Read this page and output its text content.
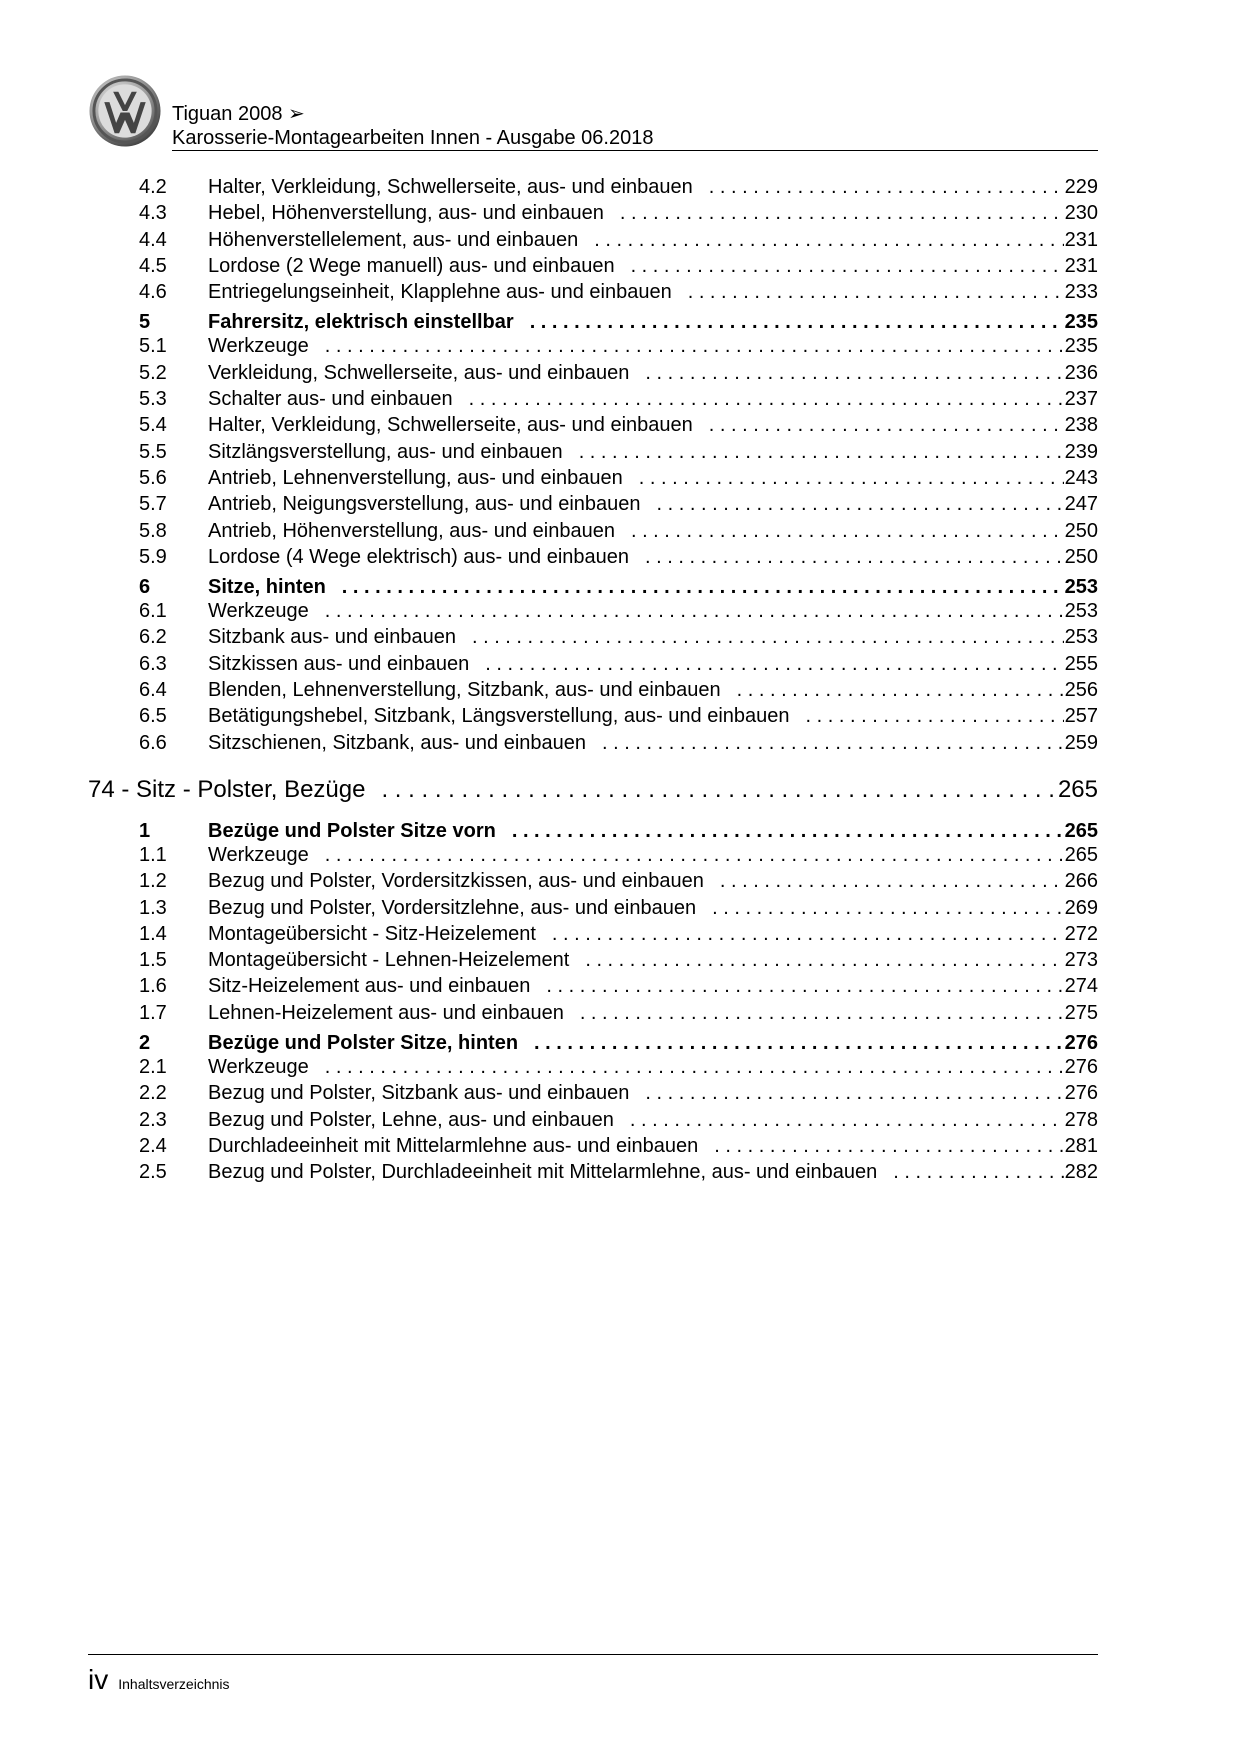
Tiguan 2008 ➢
Karosserie-Montagearbeiten Innen - Ausgabe 06.2018
4.2 Halter, Verkleidung, Schwellerseite, aus- und einbauen . . .	229
4.3 Hebel, Höhenverstellung, aus- und einbauen . . .	230
4.4 Höhenverstellelement, aus- und einbauen . . .	231
4.5 Lordose (2 Wege manuell) aus- und einbauen . . .	231
4.6 Entriegelungseinheit, Klapplehne aus- und einbauen . . .	233
5	Fahrersitz, elektrisch einstellbar . . .	235
5.1 Werkzeuge . . .	235
5.2 Verkleidung, Schwellerseite, aus- und einbauen . . .	236
5.3 Schalter aus- und einbauen . . .	237
5.4 Halter, Verkleidung, Schwellerseite, aus- und einbauen . . .	238
5.5 Sitzlängsverstellung, aus- und einbauen . . .	239
5.6 Antrieb, Lehnenverstellung, aus- und einbauen . . .	243
5.7 Antrieb, Neigungsverstellung, aus- und einbauen . . .	247
5.8 Antrieb, Höhenverstellung, aus- und einbauen . . .	250
5.9 Lordose (4 Wege elektrisch) aus- und einbauen . . .	250
6	Sitze, hinten . . .	253
6.1 Werkzeuge . . .	253
6.2 Sitzbank aus- und einbauen . . .	253
6.3 Sitzkissen aus- und einbauen . . .	255
6.4 Blenden, Lehnenverstellung, Sitzbank, aus- und einbauen . . .	256
6.5 Betätigungshebel, Sitzbank, Längsverstellung, aus- und einbauen . . .	257
6.6 Sitzschienen, Sitzbank, aus- und einbauen . . .	259
74 - Sitz - Polster, Bezüge . . .	265
1	Bezüge und Polster Sitze vorn . . .	265
1.1 Werkzeuge . . .	265
1.2 Bezug und Polster, Vordersitzkissen, aus- und einbauen . . .	266
1.3 Bezug und Polster, Vordersitzlehne, aus- und einbauen . . .	269
1.4 Montageübersicht - Sitz-Heizelement . . .	272
1.5 Montageübersicht - Lehnen-Heizelement . . .	273
1.6 Sitz-Heizelement aus- und einbauen . . .	274
1.7 Lehnen-Heizelement aus- und einbauen . . .	275
2	Bezüge und Polster Sitze, hinten . . .	276
2.1 Werkzeuge . . .	276
2.2 Bezug und Polster, Sitzbank aus- und einbauen . . .	276
2.3 Bezug und Polster, Lehne, aus- und einbauen . . .	278
2.4 Durchladeeinheit mit Mittelarmlehne aus- und einbauen . . .	281
2.5 Bezug und Polster, Durchladeeinheit mit Mittelarmlehne, aus- und einbauen . . .	282
iv Inhaltsverzeichnis
